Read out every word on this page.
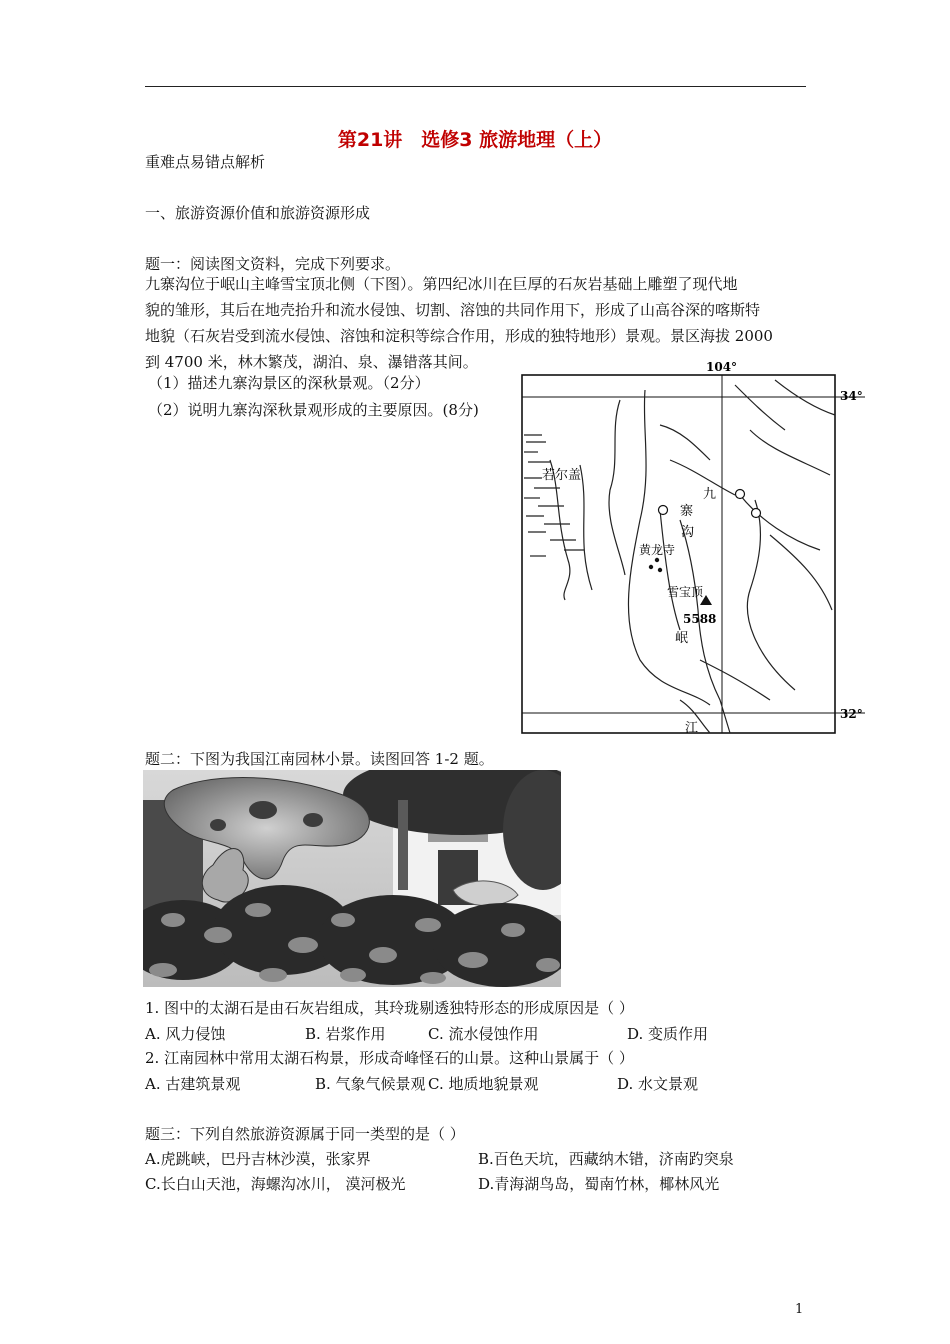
第21讲　选修3 旅游地理（上）
重难点易错点解析
一、旅游资源价值和旅游资源形成
题一：阅读图文资料，完成下列要求。
九寨沟位于岷山主峰雪宝顶北侧（下图）。第四纪冰川在巨厚的石灰岩基础上雕塑了现代地
貌的雏形，其后在地壳抬升和流水侵蚀、切割、溶蚀的共同作用下，形成了山高谷深的喀斯特
地貌（石灰岩受到流水侵蚀、溶蚀和淀积等综合作用，形成的独特地形）景观。景区海拔 2000
到 4700 米，林木繁茂，湖泊、泉、瀑错落其间。
（1）描述九寨沟景区的深秋景观。（2分）
（2）说明九寨沟深秋景观形成的主要原因。(8分)
104°
34°
32°
若尔盖
九
寨
沟
黄龙寺
雪宝顶
5588
岷
江
题二：下图为我国江南园林小景。读图回答 1-2 题。
1. 图中的太湖石是由石灰岩组成，其玲珑剔透独特形态的形成原因是（ ）
A. 风力侵蚀	B. 岩浆作用	C. 流水侵蚀作用	D. 变质作用
2. 江南园林中常用太湖石构景，形成奇峰怪石的山景。这种山景属于（ ）
A. 古建筑景观	B. 气象气候景观 C. 地质地貌景观	D. 水文景观
题三：下列自然旅游资源属于同一类型的是（ ）
A.虎跳峡，巴丹吉林沙漠，张家界	B.百色天坑，西藏纳木错，济南趵突泉
C.长白山天池，海螺沟冰川， 漠河极光	D.青海湖鸟岛，蜀南竹林，椰林风光
1
